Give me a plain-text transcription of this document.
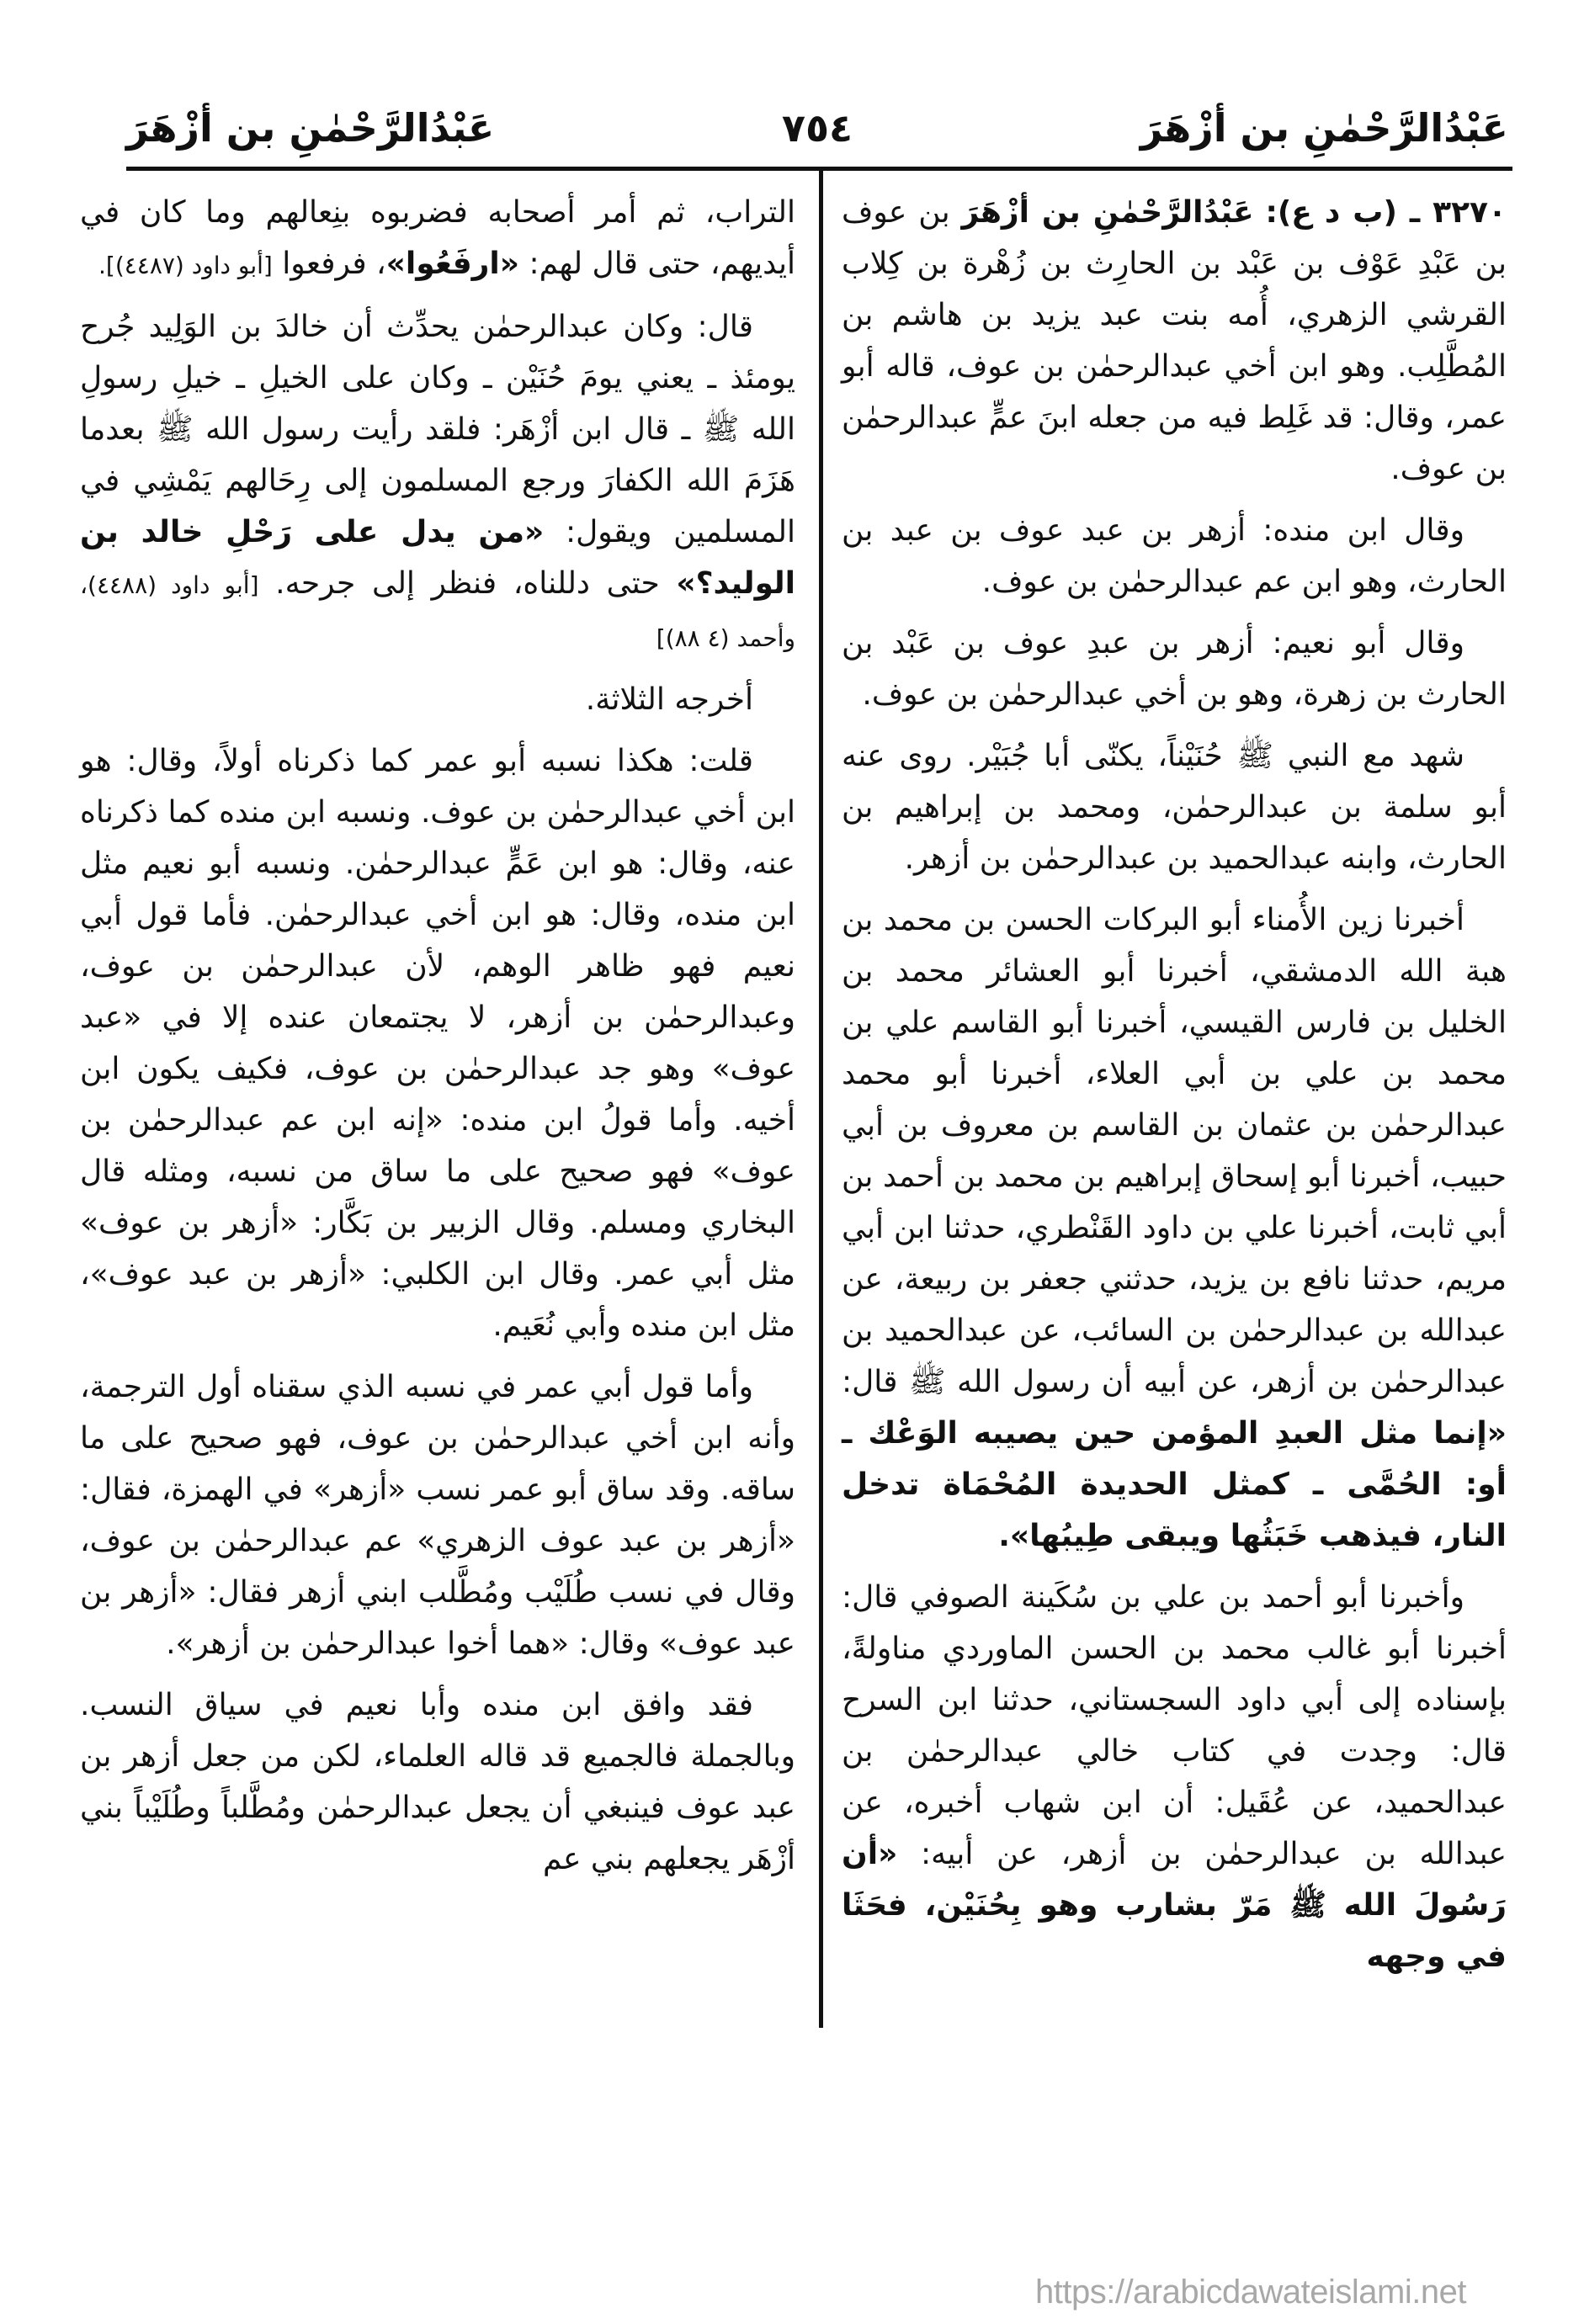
عَبْدُالرَّحْمٰنِ بن أزْهَرَ
٧٥٤
عَبْدُالرَّحْمٰنِ بن أزْهَرَ

٣٢٧٠ ـ (ب د ع): عَبْدُالرَّحْمٰنِ بن أزْهَرَ بن عوف بن عَبْدِ عَوْف بن عَبْد بن الحارِث بن زُهْرة بن كِلاب القرشي الزهري، أُمه بنت عبد يزيد بن هاشم بن المُطَّلِب. وهو ابن أخي عبدالرحمٰن بن عوف، قاله أبو عمر، وقال: قد غَلِط فيه من جعله ابنَ عمٍّ عبدالرحمٰن بن عوف.

وقال ابن منده: أزهر بن عبد عوف بن عبد بن الحارث، وهو ابن عم عبدالرحمٰن بن عوف.

وقال أبو نعيم: أزهر بن عبدِ عوف بن عَبْد بن الحارث بن زهرة، وهو بن أخي عبدالرحمٰن بن عوف.

شهد مع النبي ﷺ حُنَيْناً، يكنّى أبا جُبَيْر. روى عنه أبو سلمة بن عبدالرحمٰن، ومحمد بن إبراهيم بن الحارث، وابنه عبدالحميد بن عبدالرحمٰن بن أزهر.

أخبرنا زين الأُمناء أبو البركات الحسن بن محمد بن هبة الله الدمشقي، أخبرنا أبو العشائر محمد بن الخليل بن فارس القيسي، أخبرنا أبو القاسم علي بن محمد بن علي بن أبي العلاء، أخبرنا أبو محمد عبدالرحمٰن بن عثمان بن القاسم بن معروف بن أبي حبيب، أخبرنا أبو إسحاق إبراهيم بن محمد بن أحمد بن أبي ثابت، أخبرنا علي بن داود القَنْطري، حدثنا ابن أبي مريم، حدثنا نافع بن يزيد، حدثني جعفر بن ربيعة، عن عبدالله بن عبدالرحمٰن بن السائب، عن عبدالحميد بن عبدالرحمٰن بن أزهر، عن أبيه أن رسول الله ﷺ قال: «إنما مثل العبدِ المؤمن حين يصيبه الوَعْك ـ أو: الحُمَّى ـ كمثل الحديدة المُحْمَاة تدخل النار، فيذهب خَبَثُها ويبقى طِيبُها».

وأخبرنا أبو أحمد بن علي بن سُكَينة الصوفي قال: أخبرنا أبو غالب محمد بن الحسن الماوردي مناولةً، بإسناده إلى أبي داود السجستاني، حدثنا ابن السرح قال: وجدت في كتاب خالي عبدالرحمٰن بن عبدالحميد، عن عُقَيل: أن ابن شهاب أخبره، عن عبدالله بن عبدالرحمٰن بن أزهر، عن أبيه: «أن رَسُولَ الله ﷺ مَرّ بشارب وهو بِحُنَيْن، فحَثَا في وجهه

التراب، ثم أمر أصحابه فضربوه بنِعالهم وما كان في أيديهم، حتى قال لهم: «ارفَعُوا»، فرفعوا [أبو داود (٤٤٨٧)].

قال: وكان عبدالرحمٰن يحدِّث أن خالدَ بن الوَلِيد جُرح يومئذ ـ يعني يومَ حُنَيْن ـ وكان على الخيلِ ـ خيلِ رسولِ الله ﷺ ـ قال ابن أزْهَر: فلقد رأيت رسول الله ﷺ بعدما هَزَمَ الله الكفارَ ورجع المسلمون إلى رِحَالهم يَمْشِي في المسلمين ويقول: «من يدل على رَحْلِ خالد بن الوليد؟» حتى دللناه، فنظر إلى جرحه. [أبو داود (٤٤٨٨)، وأحمد (٤ ٨٨)]

أخرجه الثلاثة.

قلت: هكذا نسبه أبو عمر كما ذكرناه أولاً، وقال: هو ابن أخي عبدالرحمٰن بن عوف. ونسبه ابن منده كما ذكرناه عنه، وقال: هو ابن عَمٍّ عبدالرحمٰن. ونسبه أبو نعيم مثل ابن منده، وقال: هو ابن أخي عبدالرحمٰن. فأما قول أبي نعيم فهو ظاهر الوهم، لأن عبدالرحمٰن بن عوف، وعبدالرحمٰن بن أزهر، لا يجتمعان عنده إلا في «عبد عوف» وهو جد عبدالرحمٰن بن عوف، فكيف يكون ابن أخيه. وأما قولُ ابن منده: «إنه ابن عم عبدالرحمٰن بن عوف» فهو صحيح على ما ساق من نسبه، ومثله قال البخاري ومسلم. وقال الزبير بن بَكَّار: «أزهر بن عوف» مثل أبي عمر. وقال ابن الكلبي: «أزهر بن عبد عوف»، مثل ابن منده وأبي نُعَيم.

وأما قول أبي عمر في نسبه الذي سقناه أول الترجمة، وأنه ابن أخي عبدالرحمٰن بن عوف، فهو صحيح على ما ساقه. وقد ساق أبو عمر نسب «أزهر» في الهمزة، فقال: «أزهر بن عبد عوف الزهري» عم عبدالرحمٰن بن عوف، وقال في نسب طُلَيْب ومُطَّلب ابني أزهر فقال: «أزهر بن عبد عوف» وقال: «هما أخوا عبدالرحمٰن بن أزهر».

فقد وافق ابن منده وأبا نعيم في سياق النسب. وبالجملة فالجميع قد قاله العلماء، لكن من جعل أزهر بن عبد عوف فينبغي أن يجعل عبدالرحمٰن ومُطَّلباً وطُلَيْباً بني أزْهَر يجعلهم بني عم

https://arabicdawateislami.net
